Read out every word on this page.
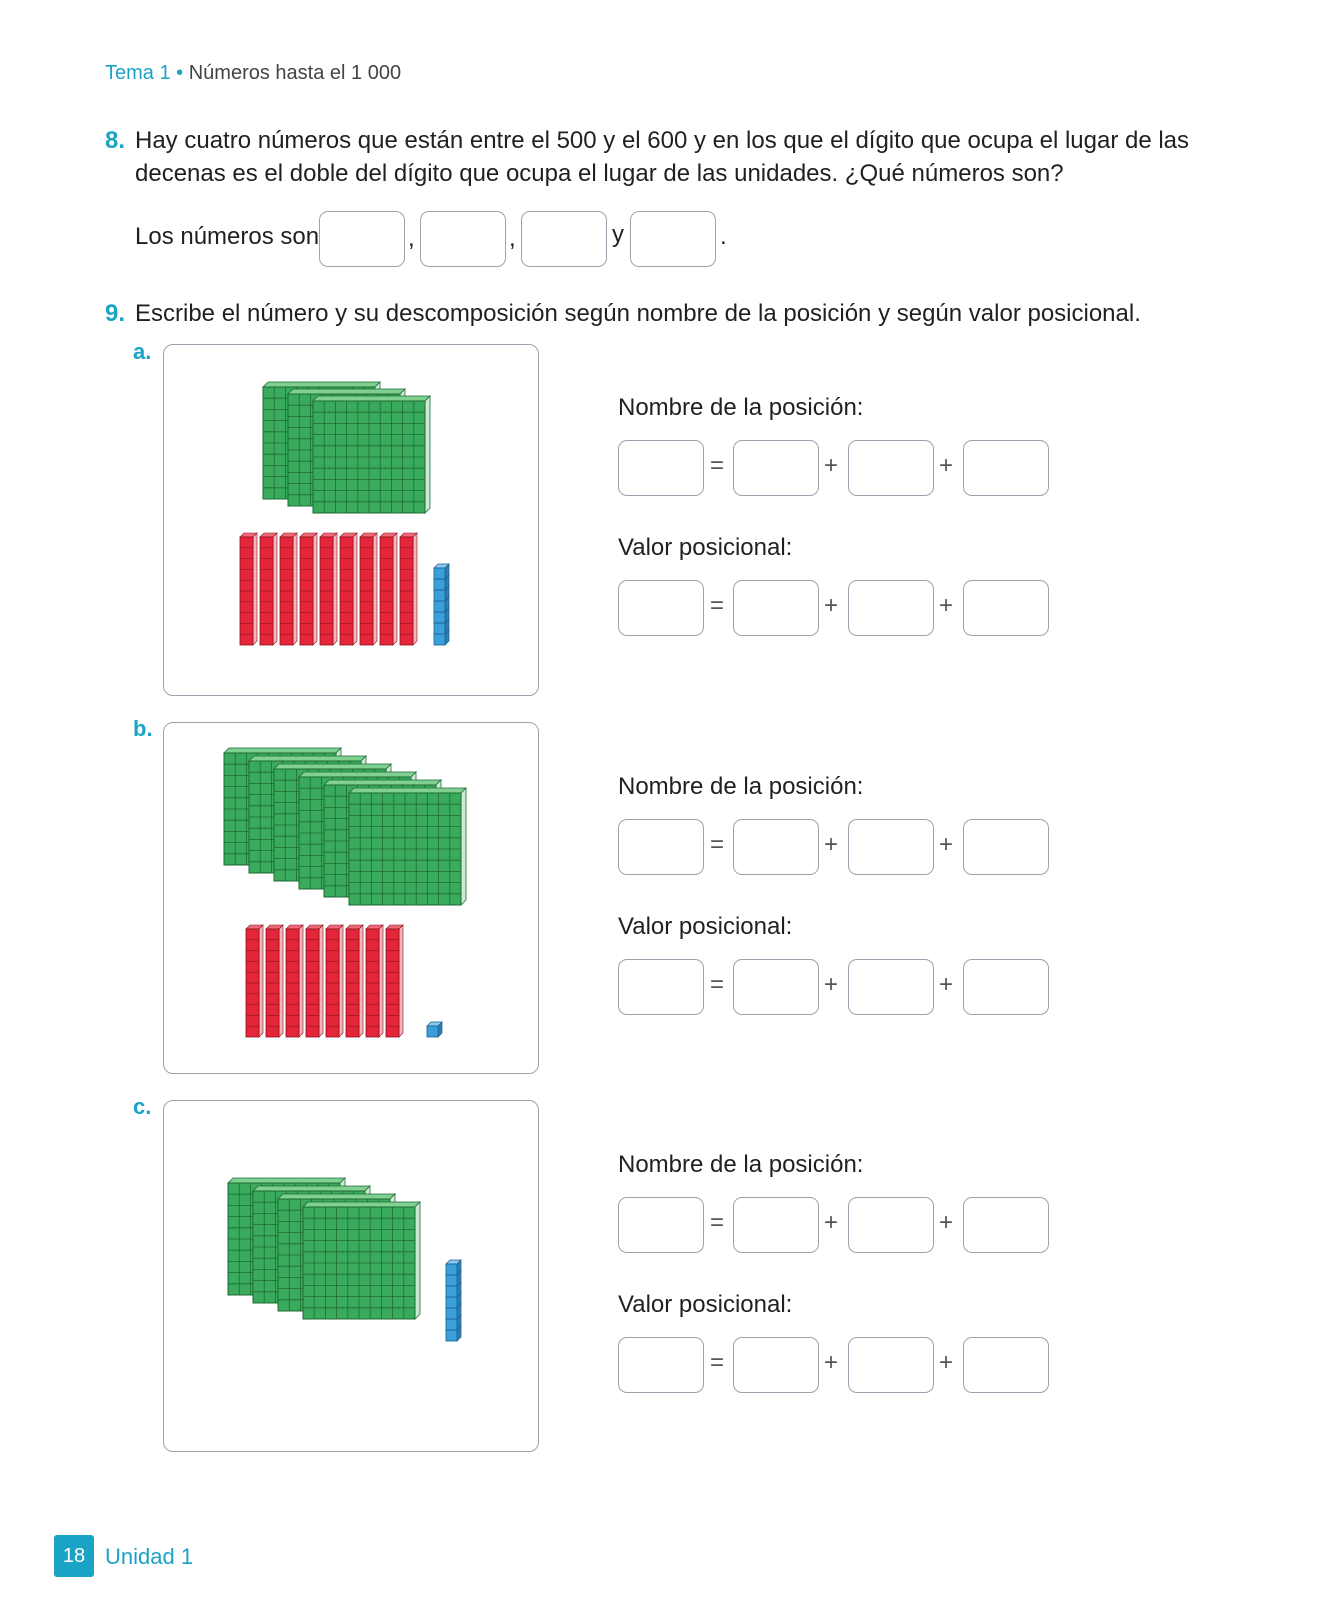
Tema 1 • Números hasta el 1 000
8. Hay cuatro números que están entre el 500 y el 600 y en los que el dígito que ocupa el lugar de las decenas es el doble del dígito que ocupa el lugar de las unidades. ¿Qué números son?
Los números son	,	,	y	.
9. Escribe el número y su descomposición según nombre de la posición y según valor posicional.
a.
Nombre de la posición:
=	+	+
Valor posicional:
=	+	+
b.
Nombre de la posición:
=	+	+
Valor posicional:
=	+	+
c.
Nombre de la posición:
=	+	+
Valor posicional:
=	+	+
18 Unidad 1
